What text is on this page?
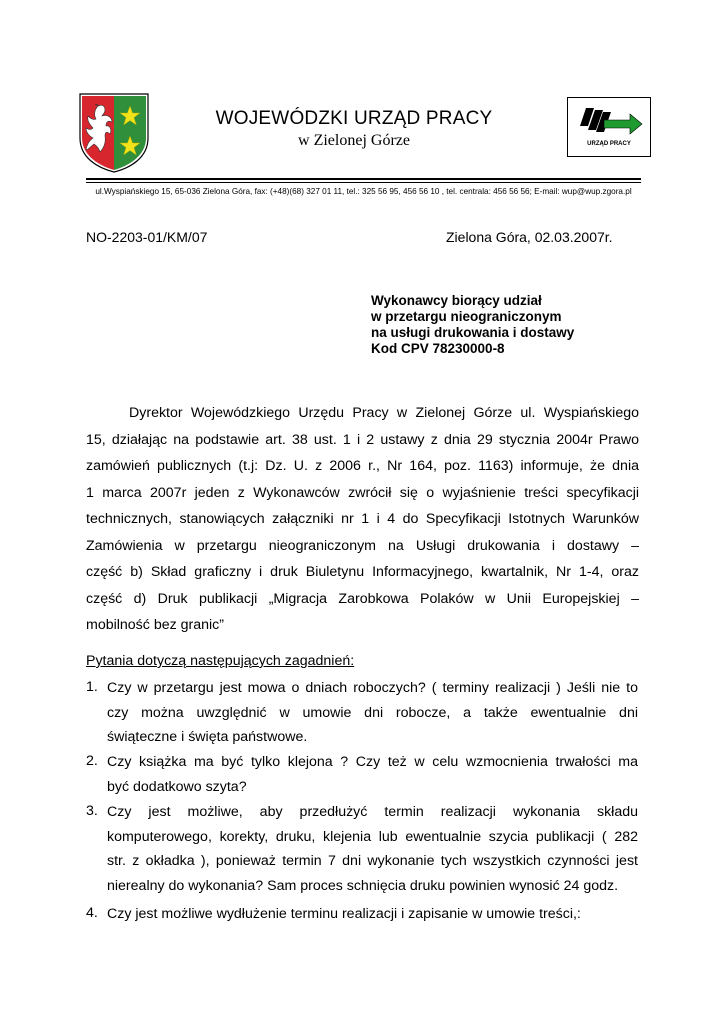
WOJEWÓDZKI URZĄD PRACY
w Zielonej Górze	URZĄD PRACY
ul.Wyspiańskiego 15, 65-036 Zielona Góra, fax: (+48)(68) 327 01 11, tel.: 325 56 95, 456 56 10 , tel. centrala: 456 56 56; E-mail: wup@wup.zgora.pl
NO-2203-01/KM/07	Zielona Góra, 02.03.2007r.
Wykonawcy biorący udział
w przetargu nieograniczonym
na usługi drukowania i dostawy
Kod CPV 78230000-8
Dyrektor Wojewódzkiego Urzędu Pracy w Zielonej Górze ul. Wyspiańskiego
15, działając na podstawie art. 38 ust. 1 i 2 ustawy z dnia 29 stycznia 2004r Prawo
zamówień publicznych (t.j: Dz. U. z 2006 r., Nr 164, poz. 1163) informuje, że dnia
1 marca 2007r jeden z Wykonawców zwrócił się o wyjaśnienie treści specyfikacji
technicznych, stanowiących załączniki nr 1 i 4 do Specyfikacji Istotnych Warunków
Zamówienia w przetargu nieograniczonym na Usługi drukowania i dostawy –
część b) Skład graficzny i druk Biuletynu Informacyjnego, kwartalnik, Nr 1-4, oraz
część d) Druk publikacji „Migracja Zarobkowa Polaków w Unii Europejskiej –
mobilność bez granic”
Pytania dotyczą następujących zagadnień:
1. Czy w przetargu jest mowa o dniach roboczych? ( terminy realizacji ) Jeśli nie to
czy można uwzględnić w umowie dni robocze, a także ewentualnie dni
świąteczne i święta państwowe.
2. Czy książka ma być tylko klejona ? Czy też w celu wzmocnienia trwałości ma
być dodatkowo szyta?
3. Czy jest możliwe, aby przedłużyć termin realizacji wykonania składu
komputerowego, korekty, druku, klejenia lub ewentualnie szycia publikacji ( 282
str. z okładka ), ponieważ termin 7 dni wykonanie tych wszystkich czynności jest
nierealny do wykonania? Sam proces schnięcia druku powinien wynosić 24 godz.
4. Czy jest możliwe wydłużenie terminu realizacji i zapisanie w umowie treści,:
